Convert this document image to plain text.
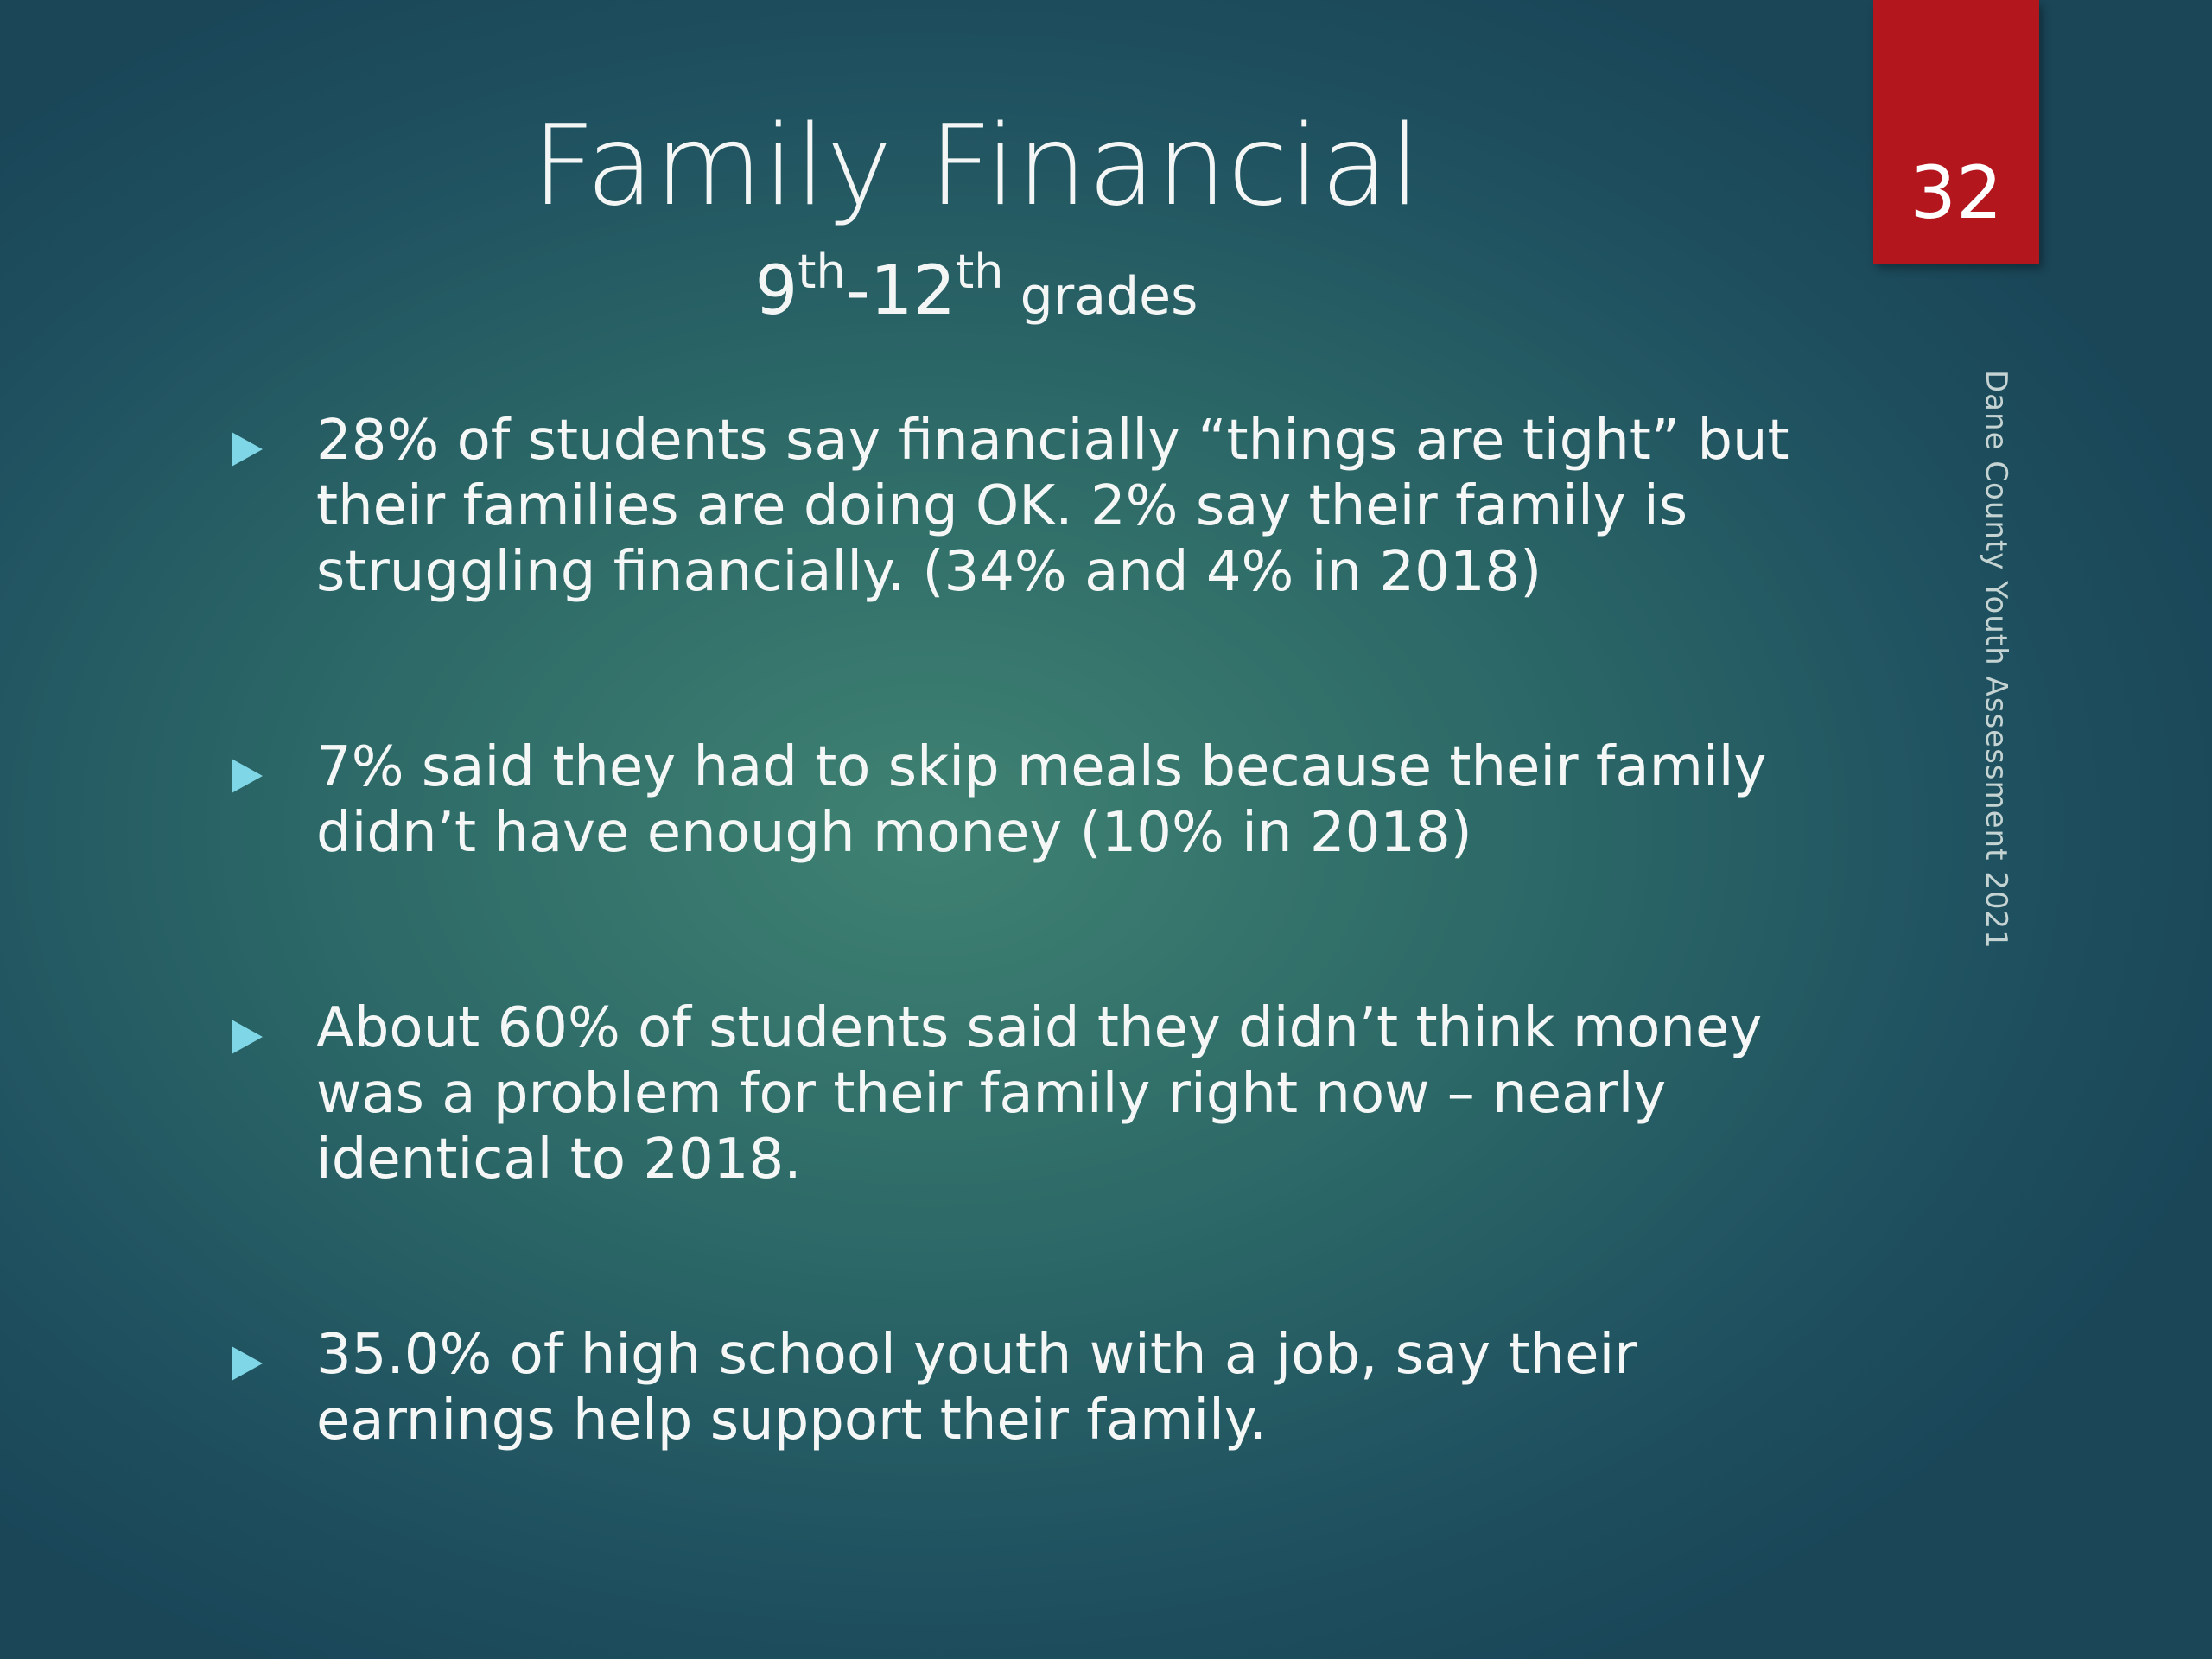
Family Financial
9th-12th grades
32
Dane County Youth Assessment 2021
28% of students say financially “things are tight” but their families are doing OK. 2% say their family is struggling financially. (34% and 4% in 2018)
7% said they had to skip meals because their family didn’t have enough money (10% in 2018)
About 60% of students said they didn’t think money was a problem for their family right now – nearly identical to 2018.
35.0% of high school youth with a job, say their earnings help support their family.
